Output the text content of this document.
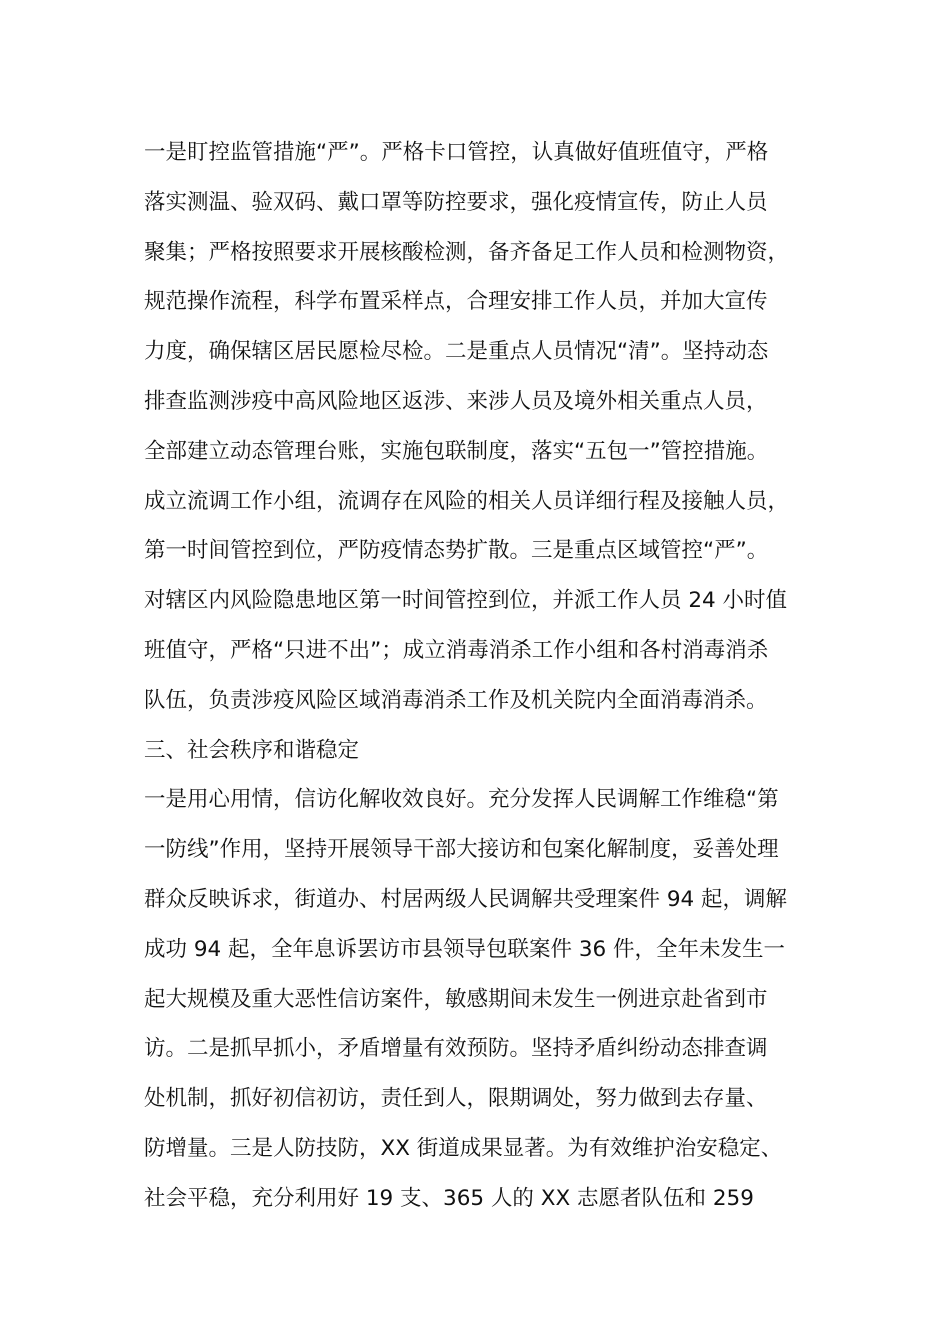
一是盯控监管措施“严”。严格卡口管控，认真做好值班值守，严格
落实测温、验双码、戴口罩等防控要求，强化疫情宣传，防止人员
聚集；严格按照要求开展核酸检测，备齐备足工作人员和检测物资，
规范操作流程，科学布置采样点，合理安排工作人员，并加大宣传
力度，确保辖区居民愿检尽检。二是重点人员情况“清”。坚持动态
排查监测涉疫中高风险地区返涉、来涉人员及境外相关重点人员，
全部建立动态管理台账，实施包联制度，落实“五包一”管控措施。
成立流调工作小组，流调存在风险的相关人员详细行程及接触人员，
第一时间管控到位，严防疫情态势扩散。三是重点区域管控“严”。
对辖区内风险隐患地区第一时间管控到位，并派工作人员 24 小时值
班值守，严格“只进不出”；成立消毒消杀工作小组和各村消毒消杀
队伍，负责涉疫风险区域消毒消杀工作及机关院内全面消毒消杀。
三、社会秩序和谐稳定
一是用心用情，信访化解收效良好。充分发挥人民调解工作维稳“第
一防线”作用，坚持开展领导干部大接访和包案化解制度，妥善处理
群众反映诉求，街道办、村居两级人民调解共受理案件 94 起，调解
成功 94 起，全年息诉罢访市县领导包联案件 36 件，全年未发生一
起大规模及重大恶性信访案件，敏感期间未发生一例进京赴省到市
访。二是抓早抓小，矛盾增量有效预防。坚持矛盾纠纷动态排查调
处机制，抓好初信初访，责任到人，限期调处，努力做到去存量、
防增量。三是人防技防，XX 街道成果显著。为有效维护治安稳定、
社会平稳，充分利用好 19 支、365 人的 XX 志愿者队伍和 259
